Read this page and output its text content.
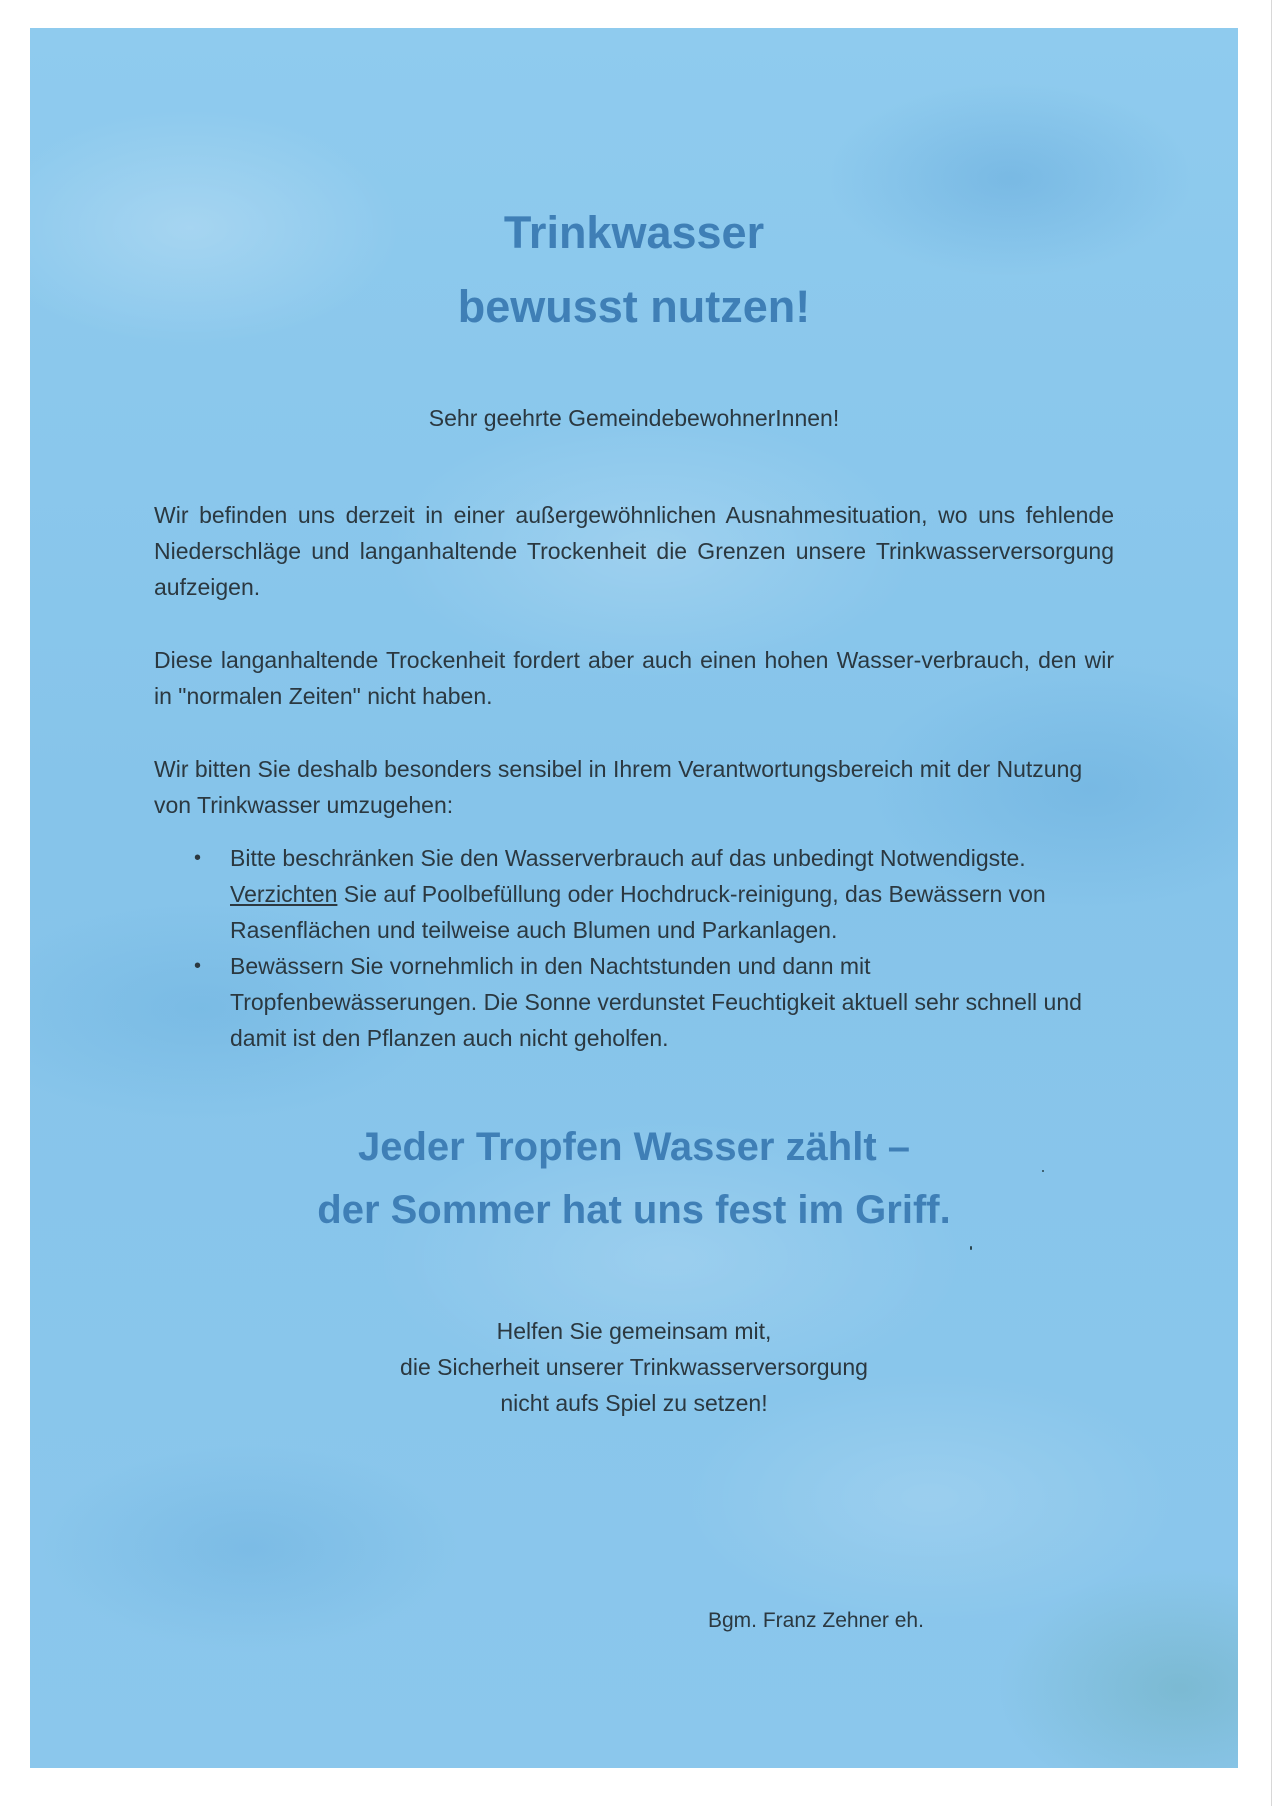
Trinkwasser
bewusst nutzen!

Sehr geehrte GemeindebewohnerInnen!

Wir befinden uns derzeit in einer außergewöhnlichen Ausnahmesituation, wo uns fehlende Niederschläge und langanhaltende Trockenheit die Grenzen unsere Trinkwasserversorgung aufzeigen.

Diese langanhaltende Trockenheit fordert aber auch einen hohen Wasser-verbrauch, den wir in "normalen Zeiten" nicht haben.

Wir bitten Sie deshalb besonders sensibel in Ihrem Verantwortungsbereich mit der Nutzung von Trinkwasser umzugehen:

• Bitte beschränken Sie den Wasserverbrauch auf das unbedingt Notwendigste. Verzichten Sie auf Poolbefüllung oder Hochdruck-reinigung, das Bewässern von Rasenflächen und teilweise auch Blumen und Parkanlagen.
• Bewässern Sie vornehmlich in den Nachtstunden und dann mit Tropfenbewässerungen. Die Sonne verdunstet Feuchtigkeit aktuell sehr schnell und damit ist den Pflanzen auch nicht geholfen.
Jeder Tropfen Wasser zählt –
der Sommer hat uns fest im Griff.

Helfen Sie gemeinsam mit,
die Sicherheit unserer Trinkwasserversorgung
nicht aufs Spiel zu setzen!

Bgm. Franz Zehner eh.
